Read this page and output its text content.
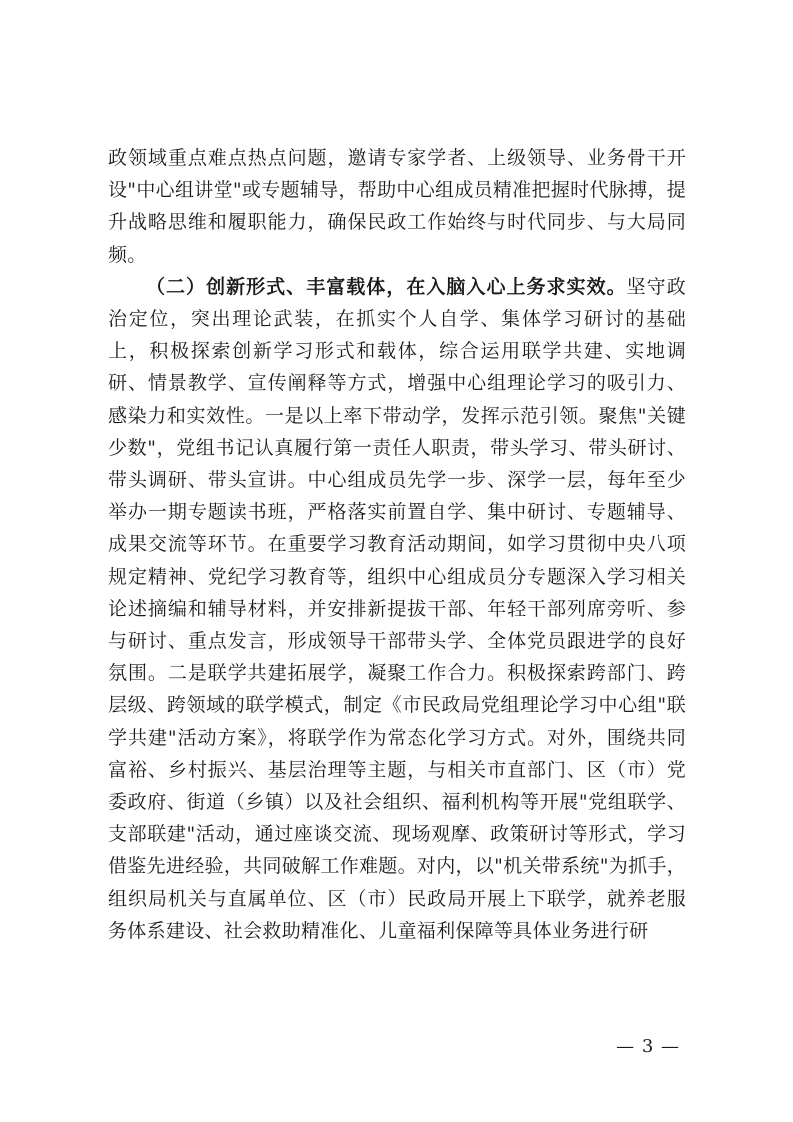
政领域重点难点热点问题，邀请专家学者、上级领导、业务骨干开设"中心组讲堂"或专题辅导，帮助中心组成员精准把握时代脉搏，提升战略思维和履职能力，确保民政工作始终与时代同步、与大局同频。

（二）创新形式、丰富载体，在入脑入心上务求实效。坚守政治定位，突出理论武装，在抓实个人自学、集体学习研讨的基础上，积极探索创新学习形式和载体，综合运用联学共建、实地调研、情景教学、宣传阐释等方式，增强中心组理论学习的吸引力、感染力和实效性。一是以上率下带动学，发挥示范引领。聚焦"关键少数"，党组书记认真履行第一责任人职责，带头学习、带头研讨、带头调研、带头宣讲。中心组成员先学一步、深学一层，每年至少举办一期专题读书班，严格落实前置自学、集中研讨、专题辅导、成果交流等环节。在重要学习教育活动期间，如学习贯彻中央八项规定精神、党纪学习教育等，组织中心组成员分专题深入学习相关论述摘编和辅导材料，并安排新提拔干部、年轻干部列席旁听、参与研讨、重点发言，形成领导干部带头学、全体党员跟进学的良好氛围。二是联学共建拓展学，凝聚工作合力。积极探索跨部门、跨层级、跨领域的联学模式，制定《市民政局党组理论学习中心组"联学共建"活动方案》，将联学作为常态化学习方式。对外，围绕共同富裕、乡村振兴、基层治理等主题，与相关市直部门、区（市）党委政府、街道（乡镇）以及社会组织、福利机构等开展"党组联学、支部联建"活动，通过座谈交流、现场观摩、政策研讨等形式，学习借鉴先进经验，共同破解工作难题。对内，以"机关带系统"为抓手，组织局机关与直属单位、区（市）民政局开展上下联学，就养老服务体系建设、社会救助精准化、儿童福利保障等具体业务进行研

— 3 —
